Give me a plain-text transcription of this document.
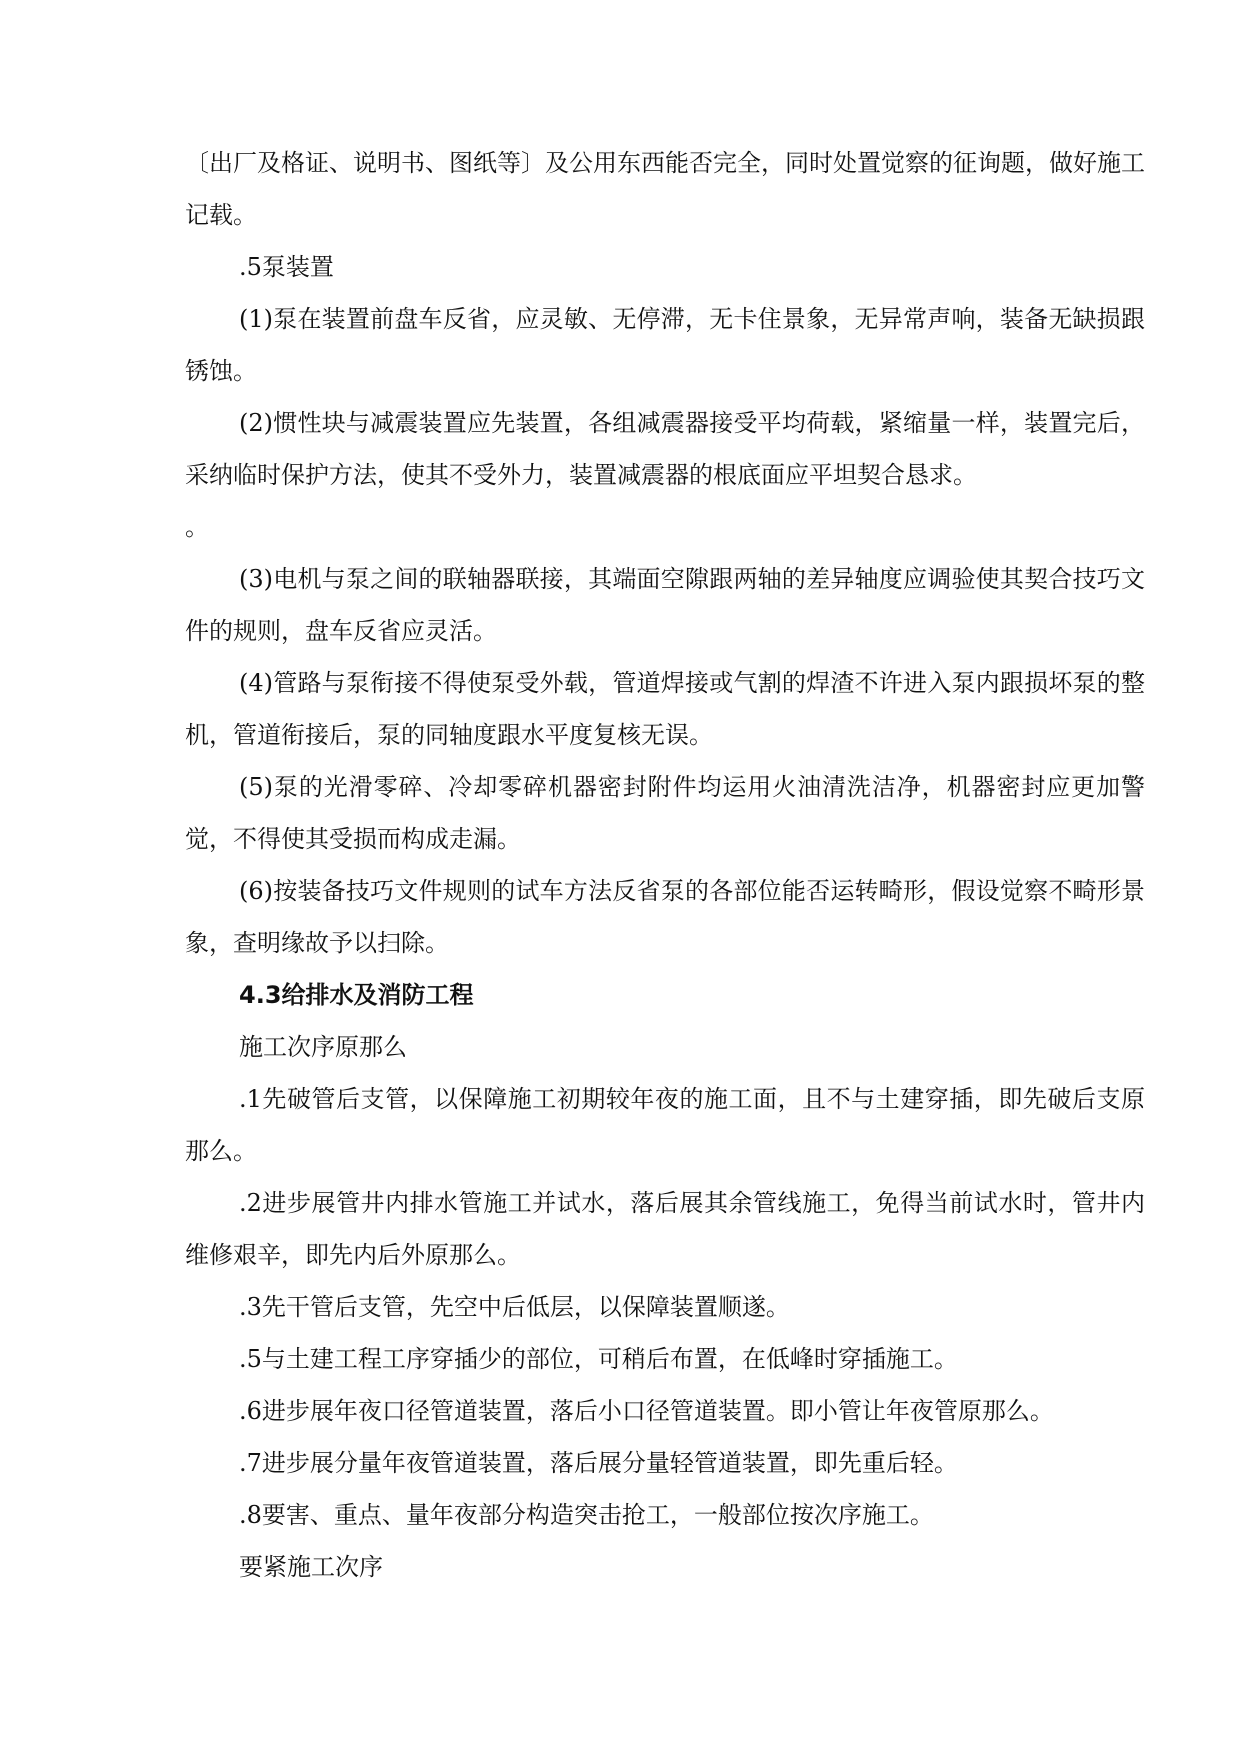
〔出厂及格证、说明书、图纸等〕及公用东西能否完全，同时处置觉察的征询题，做好施工记载。

.5泵装置

(1)泵在装置前盘车反省，应灵敏、无停滞，无卡住景象，无异常声响，装备无缺损跟锈蚀。

(2)惯性块与减震装置应先装置，各组减震器接受平均荷载，紧缩量一样，装置完后，采纳临时保护方法，使其不受外力，装置减震器的根底面应平坦契合恳求。

。

(3)电机与泵之间的联轴器联接，其端面空隙跟两轴的差异轴度应调验使其契合技巧文件的规则，盘车反省应灵活。

(4)管路与泵衔接不得使泵受外载，管道焊接或气割的焊渣不许进入泵内跟损坏泵的整机，管道衔接后，泵的同轴度跟水平度复核无误。

(5)泵的光滑零碎、冷却零碎机器密封附件均运用火油清洗洁净，机器密封应更加警觉，不得使其受损而构成走漏。

(6)按装备技巧文件规则的试车方法反省泵的各部位能否运转畸形，假设觉察不畸形景象，查明缘故予以扫除。

4.3给排水及消防工程

施工次序原那么

.1先破管后支管，以保障施工初期较年夜的施工面，且不与土建穿插，即先破后支原那么。

.2进步展管井内排水管施工并试水，落后展其余管线施工，免得当前试水时，管井内维修艰辛，即先内后外原那么。

.3先干管后支管，先空中后低层，以保障装置顺遂。

.5与土建工程工序穿插少的部位，可稍后布置，在低峰时穿插施工。

.6进步展年夜口径管道装置，落后小口径管道装置。即小管让年夜管原那么。

.7进步展分量年夜管道装置，落后展分量轻管道装置，即先重后轻。

.8要害、重点、量年夜部分构造突击抢工，一般部位按次序施工。

要紧施工次序
